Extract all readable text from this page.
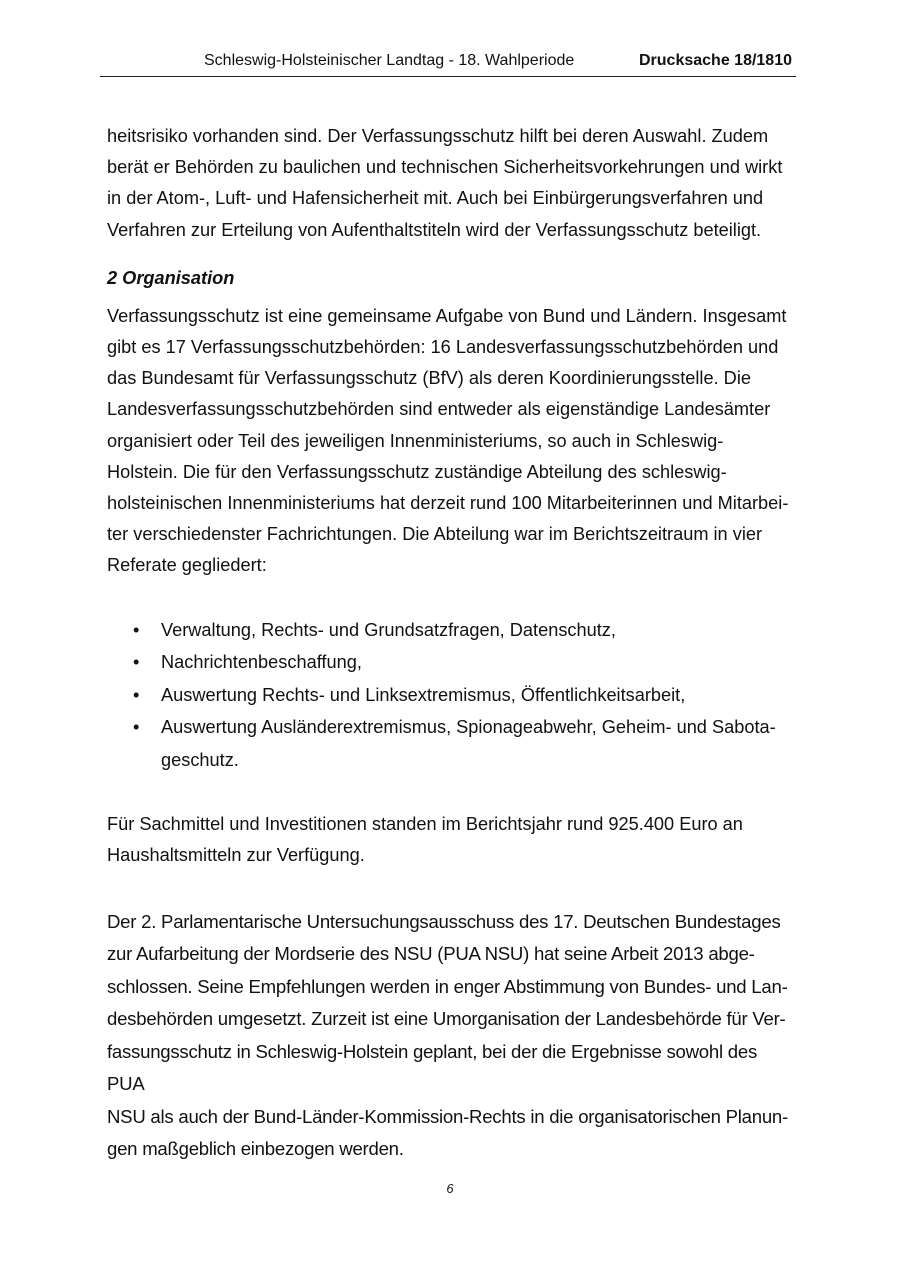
Schleswig-Holsteinischer Landtag - 18. Wahlperiode	Drucksache 18/1810

heitsrisiko vorhanden sind. Der Verfassungsschutz hilft bei deren Auswahl. Zudem
berät er Behörden zu baulichen und technischen Sicherheitsvorkehrungen und wirkt
in der Atom-, Luft- und Hafensicherheit mit. Auch bei Einbürgerungsverfahren und
Verfahren zur Erteilung von Aufenthaltstiteln wird der Verfassungsschutz beteiligt.

2 Organisation

Verfassungsschutz ist eine gemeinsame Aufgabe von Bund und Ländern. Insgesamt
gibt es 17 Verfassungsschutzbehörden: 16 Landesverfassungsschutzbehörden und
das Bundesamt für Verfassungsschutz (BfV) als deren Koordinierungsstelle. Die
Landesverfassungsschutzbehörden sind entweder als eigenständige Landesämter
organisiert oder Teil des jeweiligen Innenministeriums, so auch in Schleswig-
Holstein. Die für den Verfassungsschutz zuständige Abteilung des schleswig-
holsteinischen Innenministeriums hat derzeit rund 100 Mitarbeiterinnen und Mitarbei-
ter verschiedenster Fachrichtungen. Die Abteilung war im Berichtszeitraum in vier
Referate gegliedert:

• Verwaltung, Rechts- und Grundsatzfragen, Datenschutz,
• Nachrichtenbeschaffung,
• Auswertung Rechts- und Linksextremismus, Öffentlichkeitsarbeit,
• Auswertung Ausländerextremismus, Spionageabwehr, Geheim- und Sabota-
geschutz.

Für Sachmittel und Investitionen standen im Berichtsjahr rund 925.400 Euro an
Haushaltsmitteln zur Verfügung.

Der 2. Parlamentarische Untersuchungsausschuss des 17. Deutschen Bundestages
zur Aufarbeitung der Mordserie des NSU (PUA NSU) hat seine Arbeit 2013 abge-
schlossen. Seine Empfehlungen werden in enger Abstimmung von Bundes- und Lan-
desbehörden umgesetzt. Zurzeit ist eine Umorganisation der Landesbehörde für Ver-
fassungsschutz in Schleswig-Holstein geplant, bei der die Ergebnisse sowohl des PUA
NSU als auch der Bund-Länder-Kommission-Rechts in die organisatorischen Planun-
gen maßgeblich einbezogen werden.

6
